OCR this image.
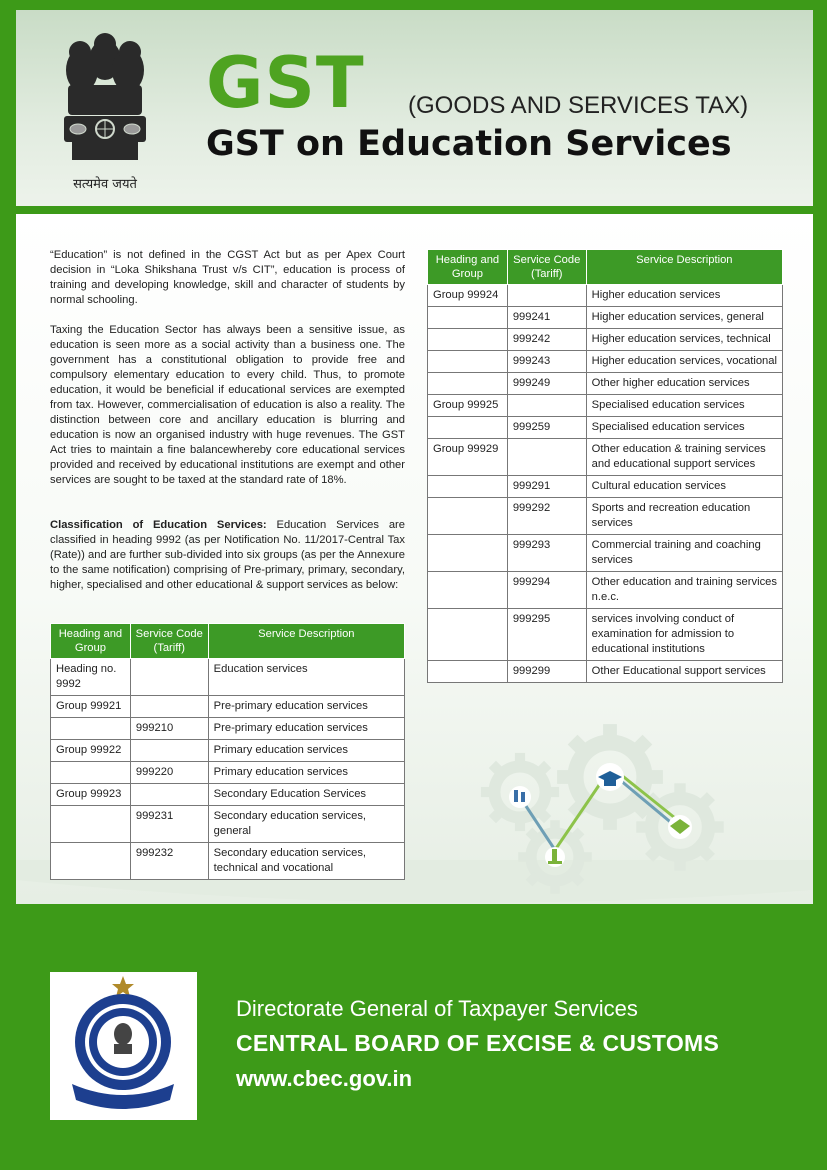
सत्यमेव जयते
GST (GOODS AND SERVICES TAX)
GST on Education Services

“Education” is not defined in the CGST Act but as per Apex Court decision in “Loka Shikshana Trust v/s CIT”, education is process of training and developing knowledge, skill and character of students by normal schooling.

Taxing the Education Sector has always been a sensitive issue, as education is seen more as a social activity than a business one. The government has a constitutional obligation to provide free and compulsory elementary education to every child. Thus, to promote education, it would be beneficial if educational services are exempted from tax. However, commercialisation of education is also a reality. The distinction between core and ancillary education is blurring and education is now an organised industry with huge revenues. The GST Act tries to maintain a fine balancewhereby core educational services provided and received by educational institutions are exempt and other services are sought to be taxed at the standard rate of 18%.

Classification of Education Services: Education Services are classified in heading 9992 (as per Notification No. 11/2017-Central Tax (Rate)) and are further sub-divided into six groups (as per the Annexure to the same notification) comprising of Pre-primary, primary, secondary, higher, specialised and other educational & support services as below:

Heading and Group	Service Code (Tariff)	Service Description
Heading no. 9992		Education services
Group 99921		Pre-primary education services
	999210	Pre-primary education services
Group 99922		Primary education services
	999220	Primary education services
Group 99923		Secondary Education Services
	999231	Secondary education services, general
	999232	Secondary education services, technical and vocational
Heading and Group	Service Code (Tariff)	Service Description
Group 99924		Higher education services
	999241	Higher education services, general
	999242	Higher education services, technical
	999243	Higher education services, vocational
	999249	Other higher education services
Group 99925		Specialised education services
	999259	Specialised education services
Group 99929		Other education & training services and educational support services
	999291	Cultural education services
	999292	Sports and recreation education services
	999293	Commercial training and coaching services
	999294	Other education and training services n.e.c.
	999295	services involving conduct of examination for admission to educational institutions
	999299	Other Educational support services
Directorate General of Taxpayer Services
CENTRAL BOARD OF EXCISE & CUSTOMS
www.cbec.gov.in
